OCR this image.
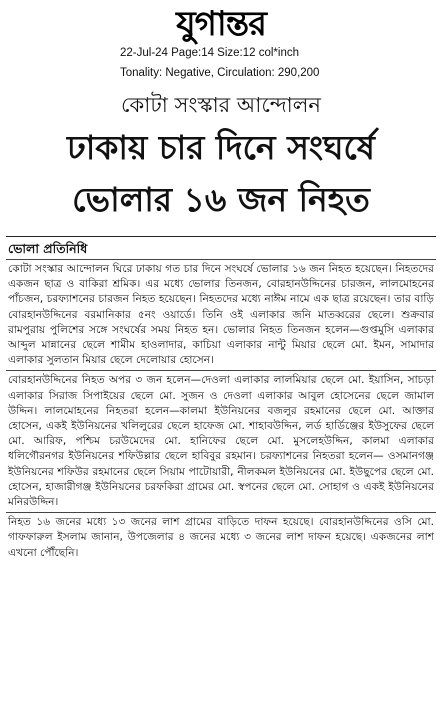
যুগান্তর
22-Jul-24 Page:14 Size:12 col*inch
Tonality: Negative, Circulation: 290,200
কোটা সংস্কার আন্দোলন
ঢাকায় চার দিনে সংঘর্ষে
ভোলার ১৬ জন নিহত
ভোলা প্রতিনিধি

কোটা সংস্কার আন্দোলন ঘিরে ঢাকায় গত চার দিনে সংঘর্ষে ভোলার ১৬ জন নিহত হয়েছেন। নিহতদের একজন ছাত্র ও বাকিরা শ্রমিক। এর মধ্যে ভোলার তিনজন, বোরহানউদ্দিনের চারজন, লালমোহনের পাঁচজন, চরফ্যাশনের চারজন নিহত হয়েছেন। নিহতদের মধ্যে নাঈম নামে এক ছাত্র রয়েছেন। তার বাড়ি বোরহানউদ্দিনের বরমানিকার ৫নং ওয়ার্ডে। তিনি ওই এলাকার জনি মাতব্বরের ছেলে। শুক্রবার রামপুরায় পুলিশের সঙ্গে সংঘর্ষের সময় নিহত হন। ভোলার নিহত তিনজন হলেন—গুপ্তমুসি এলাকার আব্দুল মান্নানের ছেলে শামীম হাওলাদার, কাচিয়া এলাকার নান্টু মিয়ার ছেলে মো. ইমন, সামাদার এলাকার সুলতান মিয়ার ছেলে দেলোয়ার হোসেন।

বোরহানউদ্দিনের নিহত অপর ৩ জন হলেন—দেওলা এলাকার লালমিয়ার ছেলে মো. ইয়াসিন, সাচড়া এলাকার সিরাজ সিপাইয়ের ছেলে মো. সুজন ও দেওলা এলাকার আবুল হোসেনের ছেলে জামাল উদ্দিন। লালমোহনের নিহতরা হলেন—কালমা ইউনিয়নের বজলুর রহমানের ছেলে মো. আক্তার হোসেন, একই ইউনিয়নের খলিলুরের ছেলে হাফেজ মো. শাহাবউদ্দিন, লর্ড হার্ডিঞ্জের ইউসুফের ছেলে মো. আরিফ, পশ্চিম চরউমেদের মো. হানিফের ছেলে মো. মুসলেহউদ্দিন, কালমা এলাকার ধলিগৌরনগর ইউনিয়নের শফিউল্লার ছেলে হাবিবুর রহমান। চরফ্যাশনের নিহতরা হলেন— ওসমানগঞ্জ ইউনিয়নের শফিউর রহমানের ছেলে সিয়াম পাটোয়ারী, নীলকমল ইউনিয়নের মো. ইউছুপের ছেলে মো. হোসেন, হাজারীগঞ্জ ইউনিয়নের চরফকিরা গ্রামের মো. স্বপনের ছেলে মো. সোহাগ ও একই ইউনিয়নের মনিরউদ্দিন।

নিহত ১৬ জনের মধ্যে ১৩ জনের লাশ গ্রামের বাড়িতে দাফন হয়েছে। বোরহানউদ্দিনের ওসি মো. গাফফারুল ইসলাম জানান, উপজেলার ৪ জনের মধ্যে ৩ জনের লাশ দাফন হয়েছে। একজনের লাশ এখনো পৌঁছেনি।
